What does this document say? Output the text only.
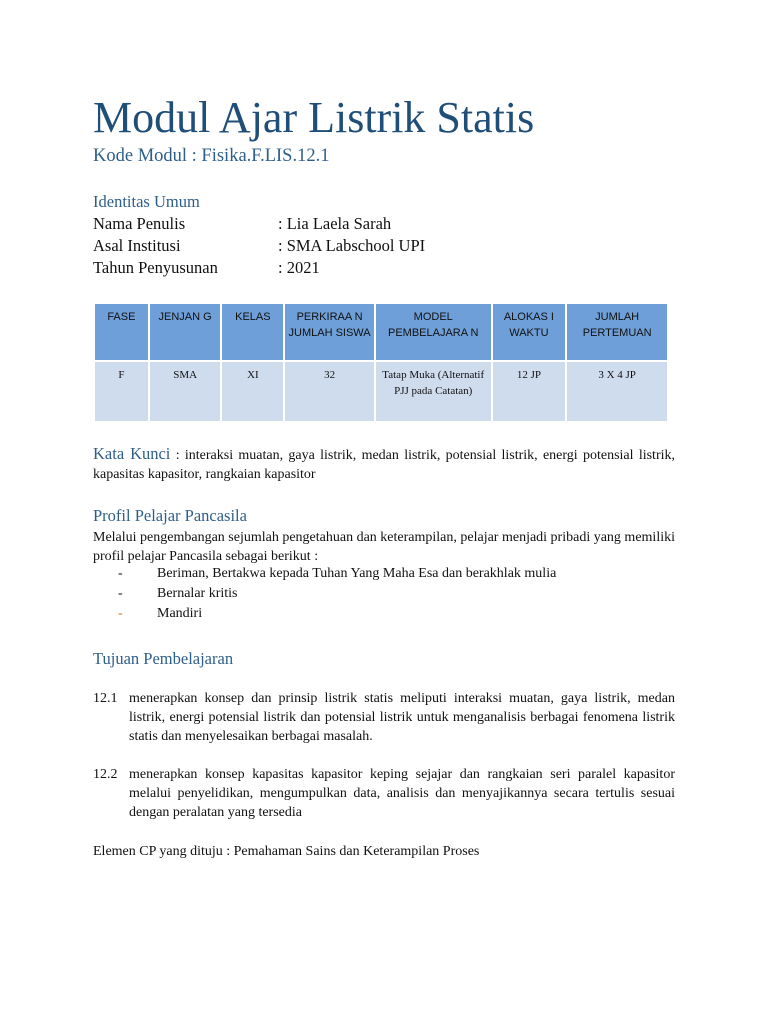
Modul Ajar Listrik Statis
Kode Modul : Fisika.F.LIS.12.1
Identitas Umum
Nama Penulis	: Lia Laela Sarah
Asal Institusi	: SMA Labschool UPI
Tahun Penyusunan	: 2021
FASE	JENJAN G	KELAS	PERKIRAA N JUMLAH SISWA	MODEL PEMBELAJARA N	ALOKAS I WAKTU	JUMLAH PERTEMUAN
F	SMA	XI	32	Tatap Muka (Alternatif PJJ pada Catatan)	12 JP	3 X 4 JP
Kata Kunci : interaksi muatan, gaya listrik, medan listrik, potensial listrik, energi potensial listrik, kapasitas kapasitor, rangkaian kapasitor
Profil Pelajar Pancasila
Melalui pengembangan sejumlah pengetahuan dan keterampilan, pelajar menjadi pribadi yang memiliki profil pelajar Pancasila sebagai berikut :
- Beriman, Bertakwa kepada Tuhan Yang Maha Esa dan berakhlak mulia
- Bernalar kritis
- Mandiri
Tujuan Pembelajaran
12.1 menerapkan konsep dan prinsip listrik statis meliputi interaksi muatan, gaya listrik, medan listrik, energi potensial listrik dan potensial listrik untuk menganalisis berbagai fenomena listrik statis dan menyelesaikan berbagai masalah.
12.2 menerapkan konsep kapasitas kapasitor keping sejajar dan rangkaian seri paralel kapasitor melalui penyelidikan, mengumpulkan data, analisis dan menyajikannya secara tertulis sesuai dengan peralatan yang tersedia
Elemen CP yang dituju : Pemahaman Sains dan Keterampilan Proses
